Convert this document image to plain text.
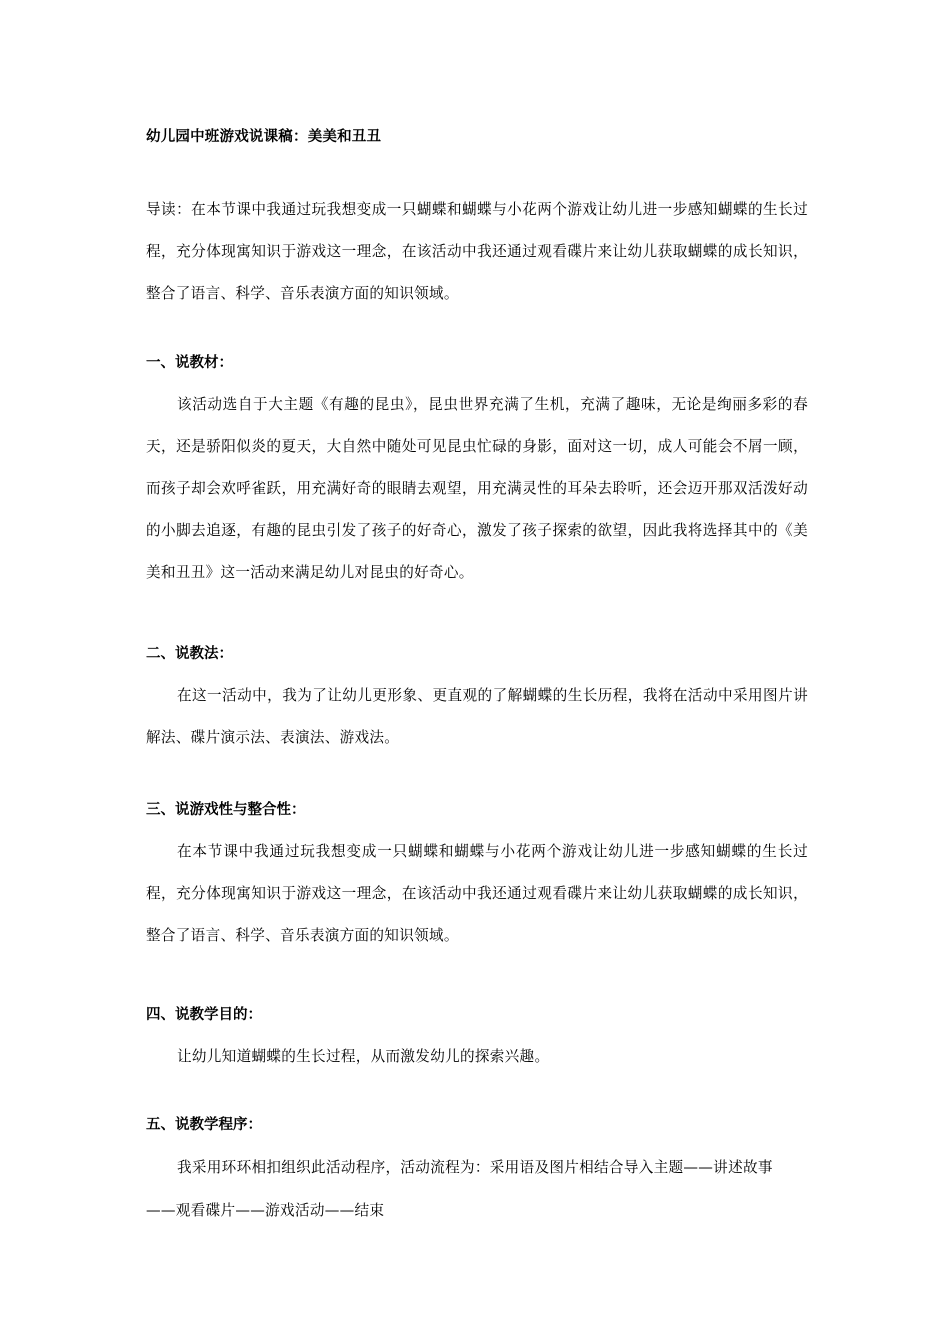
幼儿园中班游戏说课稿：美美和丑丑

导读：在本节课中我通过玩我想变成一只蝴蝶和蝴蝶与小花两个游戏让幼儿进一步感知蝴蝶的生长过程，充分体现寓知识于游戏这一理念，在该活动中我还通过观看碟片来让幼儿获取蝴蝶的成长知识，整合了语言、科学、音乐表演方面的知识领域。

一、说教材：

该活动选自于大主题《有趣的昆虫》，昆虫世界充满了生机，充满了趣味，无论是绚丽多彩的春天，还是骄阳似炎的夏天，大自然中随处可见昆虫忙碌的身影，面对这一切，成人可能会不屑一顾，而孩子却会欢呼雀跃，用充满好奇的眼睛去观望，用充满灵性的耳朵去聆听，还会迈开那双活泼好动的小脚去追逐，有趣的昆虫引发了孩子的好奇心，激发了孩子探索的欲望，因此我将选择其中的《美美和丑丑》这一活动来满足幼儿对昆虫的好奇心。

二、说教法：

在这一活动中，我为了让幼儿更形象、更直观的了解蝴蝶的生长历程，我将在活动中采用图片讲解法、碟片演示法、表演法、游戏法。

三、说游戏性与整合性：

在本节课中我通过玩我想变成一只蝴蝶和蝴蝶与小花两个游戏让幼儿进一步感知蝴蝶的生长过程，充分体现寓知识于游戏这一理念，在该活动中我还通过观看碟片来让幼儿获取蝴蝶的成长知识，整合了语言、科学、音乐表演方面的知识领域。

四、说教学目的：

让幼儿知道蝴蝶的生长过程，从而激发幼儿的探索兴趣。

五、说教学程序：

我采用环环相扣组织此活动程序，活动流程为：采用语及图片相结合导入主题——讲述故事

——观看碟片——游戏活动——结束
